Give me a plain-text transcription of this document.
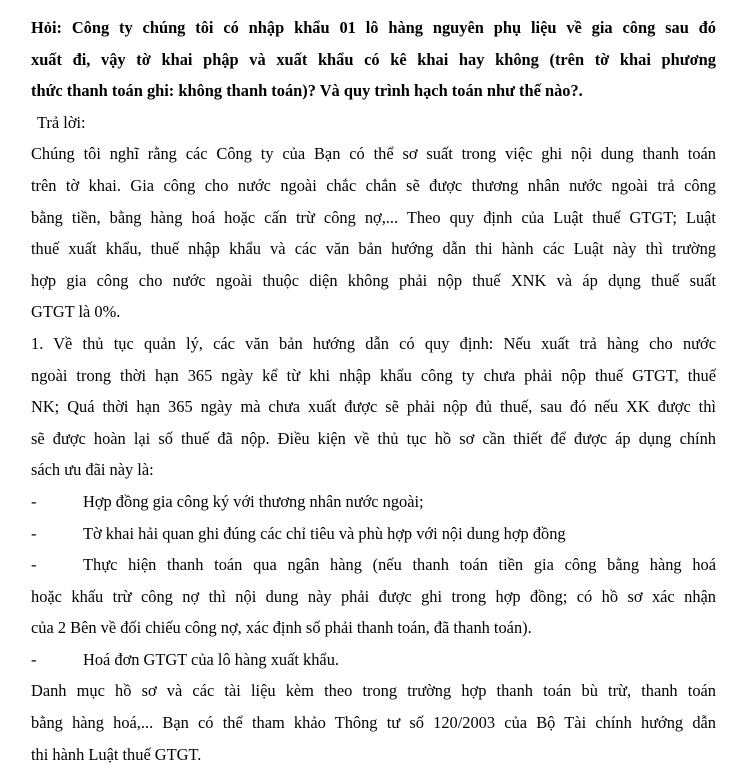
Hỏi: Công ty chúng tôi có nhập khẩu 01 lô hàng nguyên phụ liệu về gia công sau đó
xuất đi, vậy tờ khai phập và xuất khẩu có kê khai hay không (trên tờ khai phương
thức thanh toán ghi: không thanh toán)? Và quy trình hạch toán như thế nào?.
Trả lời:
Chúng tôi nghĩ rằng các Công ty của Bạn có thể sơ suất trong việc ghi nội dung thanh toán
trên tờ khai. Gia công cho nước ngoài chắc chắn sẽ được thương nhân nước ngoài trả công
bằng tiền, bằng hàng hoá hoặc cấn trừ công nợ,... Theo quy định của Luật thuế GTGT; Luật
thuế xuất khẩu, thuế nhập khẩu và các văn bản hướng dẫn thi hành các Luật này thì trường
hợp gia công cho nước ngoài thuộc diện không phải nộp thuế XNK và áp dụng thuế suất
GTGT là 0%.
1. Về thủ tục quản lý, các văn bản hướng dẫn có quy định: Nếu xuất trả hàng cho nước
ngoài trong thời hạn 365 ngày kể từ khi nhập khẩu công ty chưa phải nộp thuế GTGT, thuế
NK; Quá thời hạn 365 ngày mà chưa xuất được sẽ phải nộp đủ thuế, sau đó nếu XK được thì
sẽ được hoàn lại số thuế đã nộp. Điều kiện về thủ tục hồ sơ cần thiết để được áp dụng chính
sách ưu đãi này là:
-	Hợp đồng gia công ký với thương nhân nước ngoài;
-	Tờ khai hải quan ghi đúng các chỉ tiêu và phù hợp với nội dung hợp đồng
-	Thực hiện thanh toán qua ngân hàng (nếu thanh toán tiền gia công bằng hàng hoá
hoặc khấu trừ công nợ thì nội dung này phải được ghi trong hợp đồng; có hồ sơ xác nhận
của 2 Bên về đối chiếu công nợ, xác định số phải thanh toán, đã thanh toán).
-	Hoá đơn GTGT của lô hàng xuất khẩu.
Danh mục hồ sơ và các tài liệu kèm theo trong trường hợp thanh toán bù trừ, thanh toán
bằng hàng hoá,... Bạn có thể tham khảo Thông tư số 120/2003 của Bộ Tài chính hướng dẫn
thi hành Luật thuế GTGT.
